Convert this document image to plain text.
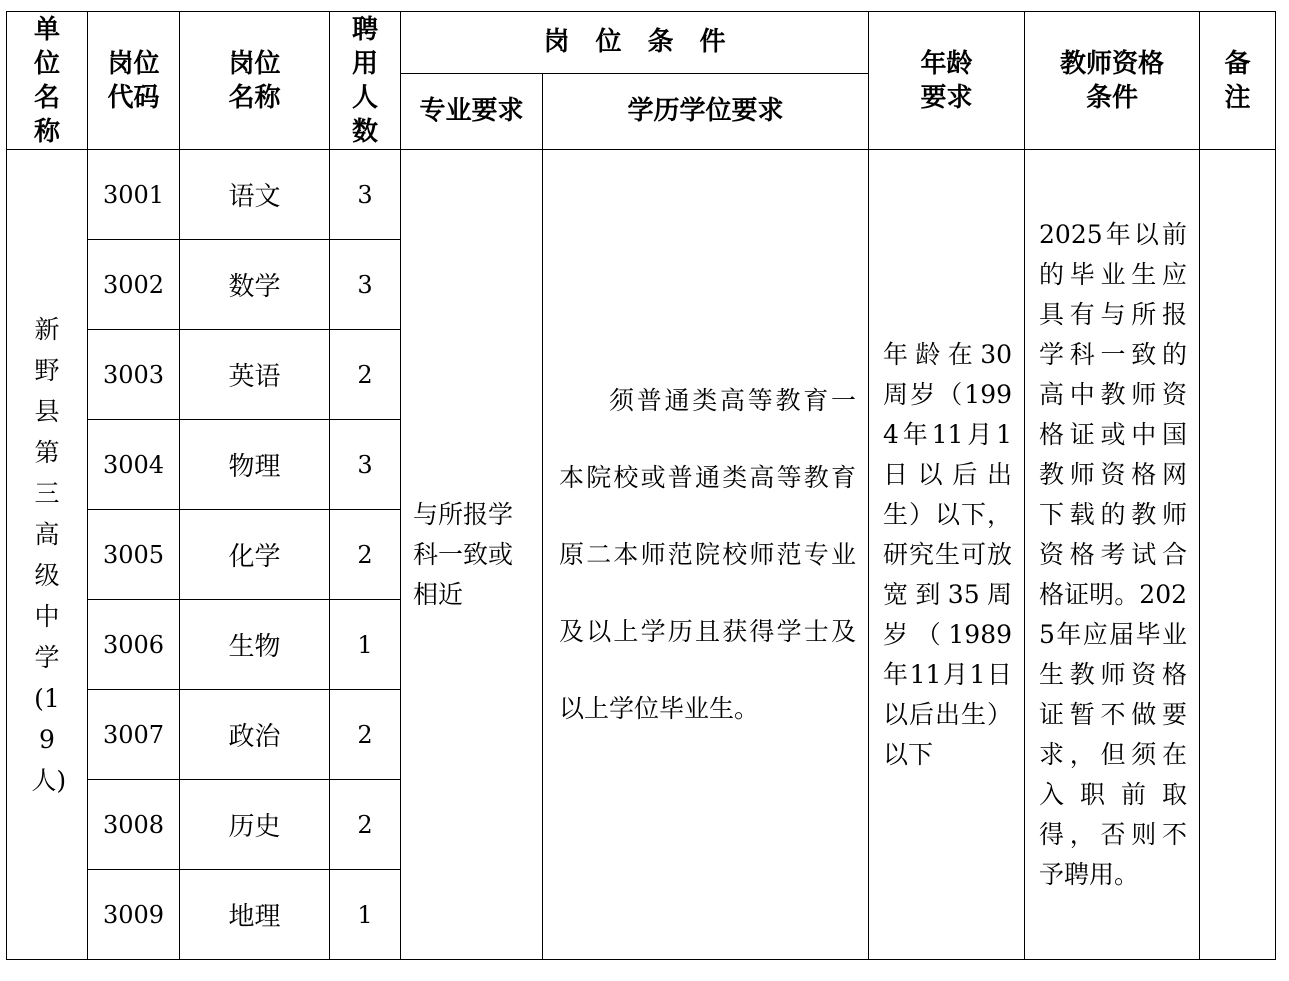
单位名称	岗位代码	岗位名称	聘用人数	岗位条件		年龄要求	教师资格条件	备注

				专业要求	学历学位要求			

新野县第三高级中学(19人)	3001	语文	3	与所报学科一致或相近	须普通类高等教育一本院校或普通类高等教育原二本师范院校师范专业及以上学历且获得学士及以上学位毕业生。	年龄在30周岁（1994年11月1日以后出生）以下，研究生可放宽到35周岁（1989年11月1日以后出生）以下	2025年以前的毕业生应具有与所报学科一致的高中教师资格证或中国教师资格网下载的教师资格考试合格证明。2025年应届毕业生教师资格证暂不做要求，但须在入职前取得，否则不予聘用。	

	3002	数学	3					
	3003	英语	2					
	3004	物理	3					
	3005	化学	2					
	3006	生物	1					
	3007	政治	2					
	3008	历史	2					
	3009	地理	1					
